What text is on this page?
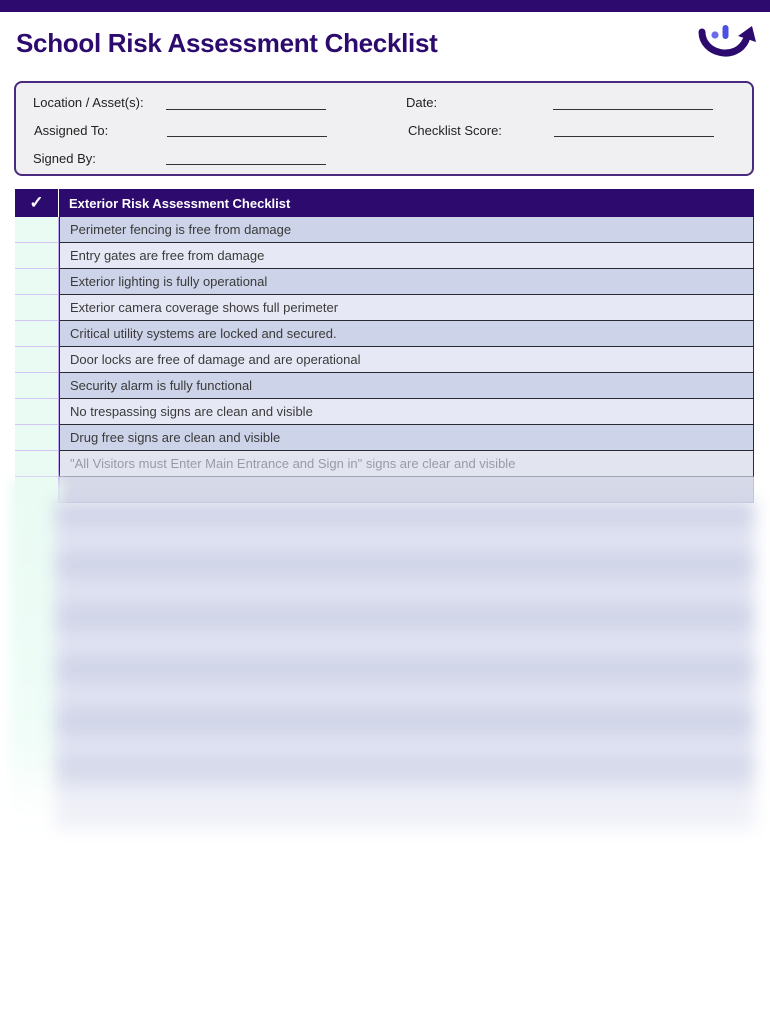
School Risk Assessment Checklist
Location / Asset(s):
Assigned To:
Signed By:
Date:
Checklist Score:
✓	Exterior Risk Assessment Checklist
Perimeter fencing is free from damage
Entry gates are free from damage
Exterior lighting is fully operational
Exterior camera coverage shows full perimeter
Critical utility systems are locked and secured.
Door locks are free of damage and are operational
Security alarm is fully functional
No trespassing signs are clean and visible
Drug free signs are clean and visible
"All Visitors must Enter Main Entrance and Sign in" signs are clear and visible
